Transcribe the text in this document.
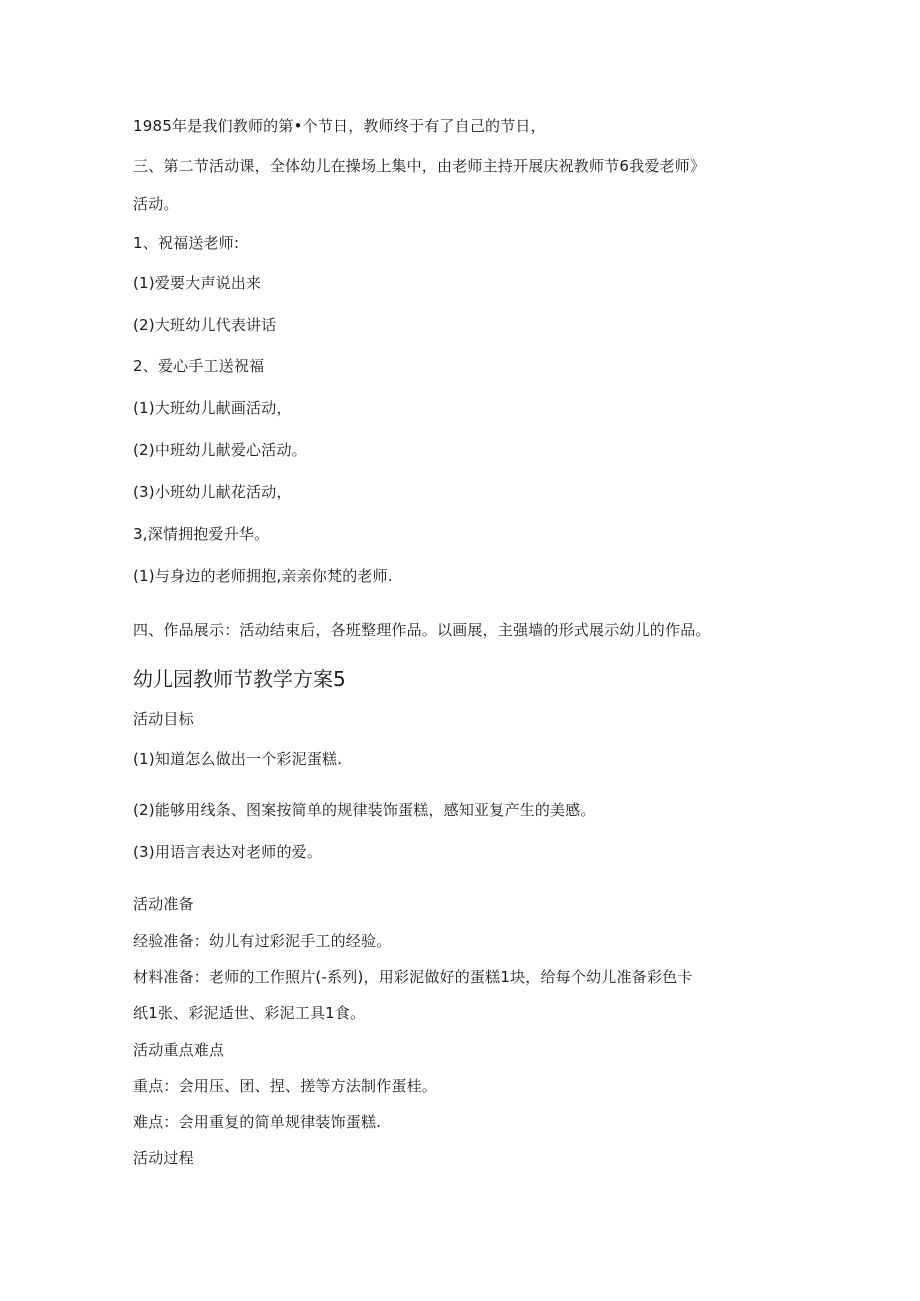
1985年是我们教师的第•个节日，教师终于有了自己的节日，
三、第二节活动课，全体幼儿在操场上集中，由老师主持开展庆祝教师节6我爱老师》
活动。
1、祝福送老师:
(1)爱要大声说出来
(2)大班幼儿代表讲话
2、爱心手工送祝福
(1)大班幼儿献画活动，
(2)中班幼儿献爱心活动。
(3)小班幼儿献花活动，
3,深情拥抱爱升华。
(1)与身边的老师拥抱,亲亲你梵的老师.
四、作品展示：活动结束后，各班整理作品。以画展，主强墙的形式展示幼儿的作品。
幼儿园教师节教学方案5
活动目标
(1)知道怎么做出一个彩泥蛋糕.
(2)能够用线条、图案按简单的规律装饰蛋糕，感知亚复产生的美感。
(3)用语言表达对老师的爱。
活动准备
经验准备：幼儿有过彩泥手工的经验。
材料准备：老师的工作照片(-系列)，用彩泥做好的蛋糕1块，给每个幼儿准备彩色卡
纸1张、彩泥适世、彩泥工具1食。
活动重点难点
重点：会用压、团、捏、搓等方法制作蛋桂。
难点：会用重复的简单规律装饰蛋糕.
活动过程
